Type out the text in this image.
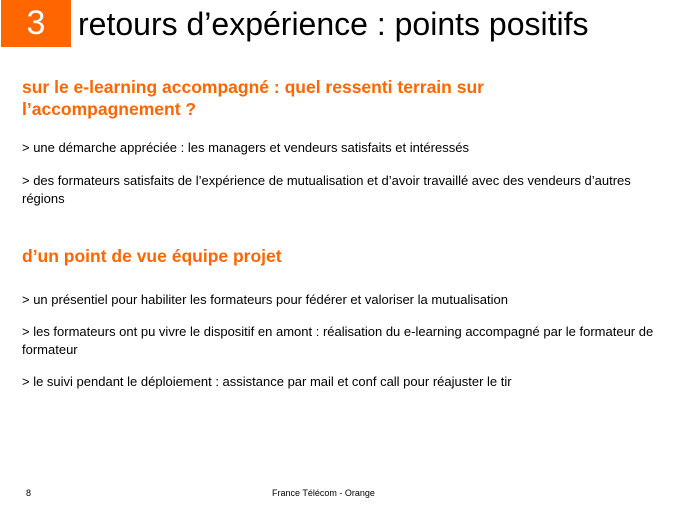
3	retours d’expérience : points positifs

sur le e-learning accompagné : quel ressenti terrain sur l’accompagnement ?

> une démarche appréciée : les managers et vendeurs satisfaits et intéressés

> des formateurs satisfaits de l’expérience de mutualisation et d’avoir travaillé avec des vendeurs d’autres régions

d’un point de vue équipe projet

> un présentiel pour habiliter les formateurs pour fédérer et valoriser la mutualisation

> les formateurs ont pu vivre le dispositif en amont : réalisation du e-learning accompagné par le formateur de formateur

> le suivi pendant le déploiement : assistance par mail et conf call pour réajuster le tir

8	France Télécom - Orange
